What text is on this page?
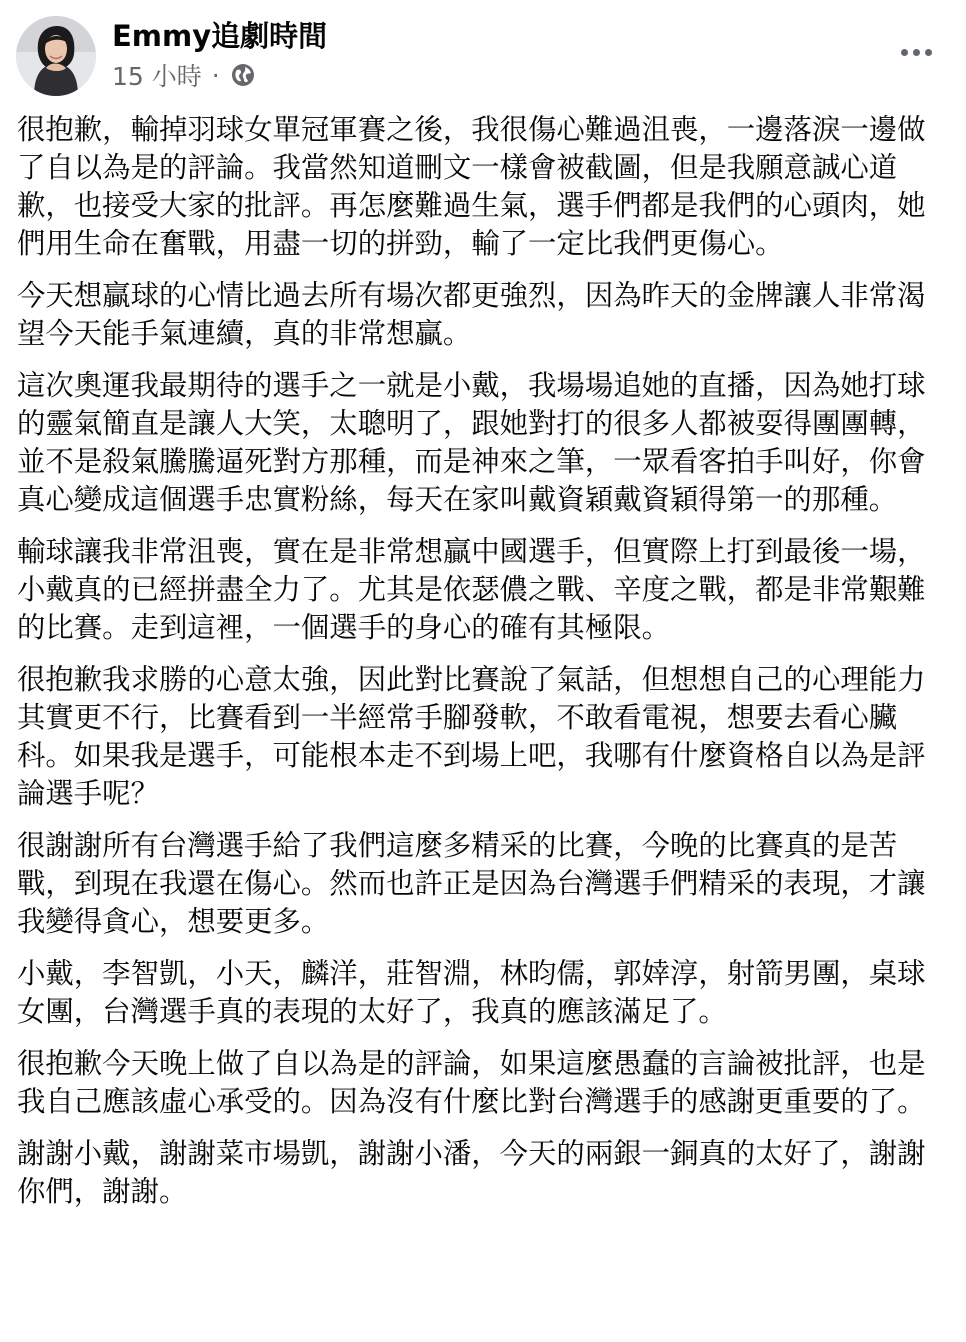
Emmy追劇時間
15 小時 ·

很抱歉，輸掉羽球女單冠軍賽之後，我很傷心難過沮喪，一邊落淚一邊做了自以為是的評論。我當然知道刪文一樣會被截圖，但是我願意誠心道歉，也接受大家的批評。再怎麼難過生氣，選手們都是我們的心頭肉，她們用生命在奮戰，用盡一切的拼勁，輸了一定比我們更傷心。

今天想贏球的心情比過去所有場次都更強烈，因為昨天的金牌讓人非常渴望今天能手氣連續，真的非常想贏。

這次奧運我最期待的選手之一就是小戴，我場場追她的直播，因為她打球的靈氣簡直是讓人大笑，太聰明了，跟她對打的很多人都被耍得團團轉，並不是殺氣騰騰逼死對方那種，而是神來之筆，一眾看客拍手叫好，你會真心變成這個選手忠實粉絲，每天在家叫戴資穎戴資穎得第一的那種。

輸球讓我非常沮喪，實在是非常想贏中國選手，但實際上打到最後一場，小戴真的已經拼盡全力了。尤其是依瑟儂之戰、辛度之戰，都是非常艱難的比賽。走到這裡，一個選手的身心的確有其極限。

很抱歉我求勝的心意太強，因此對比賽說了氣話，但想想自己的心理能力其實更不行，比賽看到一半經常手腳發軟，不敢看電視，想要去看心臟科。如果我是選手，可能根本走不到場上吧，我哪有什麼資格自以為是評論選手呢？

很謝謝所有台灣選手給了我們這麼多精采的比賽，今晚的比賽真的是苦戰，到現在我還在傷心。然而也許正是因為台灣選手們精采的表現，才讓我變得貪心，想要更多。

小戴，李智凱，小天，麟洋，莊智淵，林昀儒，郭婞淳，射箭男團，桌球女團，台灣選手真的表現的太好了，我真的應該滿足了。

很抱歉今天晚上做了自以為是的評論，如果這麼愚蠢的言論被批評，也是我自己應該虛心承受的。因為沒有什麼比對台灣選手的感謝更重要的了。

謝謝小戴，謝謝菜市場凱，謝謝小潘，今天的兩銀一銅真的太好了，謝謝你們，謝謝。
